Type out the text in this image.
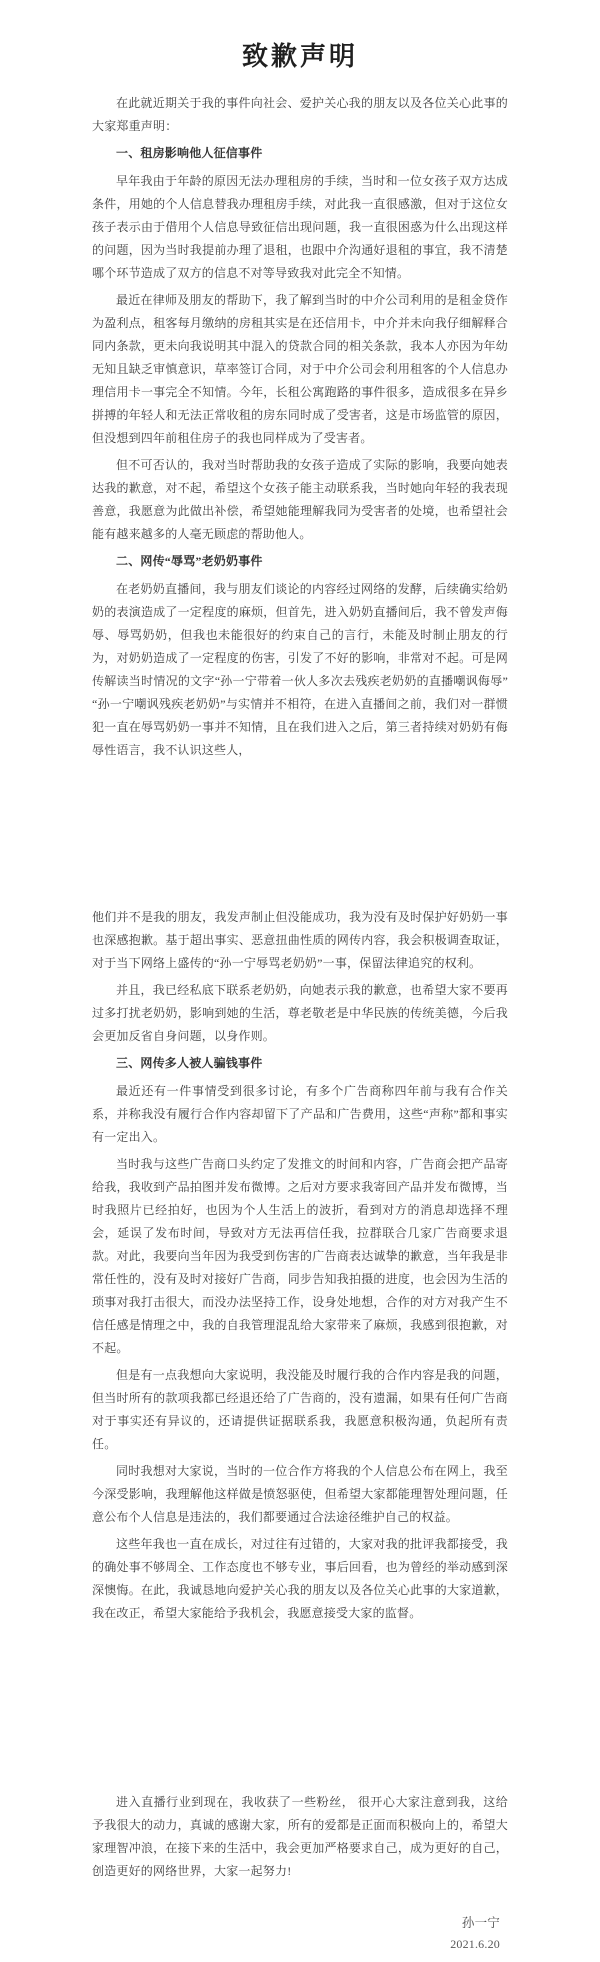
致歉声明

在此就近期关于我的事件向社会、爱护关心我的朋友以及各位关心此事的大家郑重声明：

一、租房影响他人征信事件

早年我由于年龄的原因无法办理租房的手续，当时和一位女孩子双方达成条件，用她的个人信息替我办理租房手续，对此我一直很感激，但对于这位女孩子表示由于借用个人信息导致征信出现问题，我一直很困惑为什么出现这样的问题，因为当时我提前办理了退租，也跟中介沟通好退租的事宜，我不清楚哪个环节造成了双方的信息不对等导致我对此完全不知情。

最近在律师及朋友的帮助下，我了解到当时的中介公司利用的是租金贷作为盈利点，租客每月缴纳的房租其实是在还信用卡，中介并未向我仔细解释合同内条款，更未向我说明其中混入的贷款合同的相关条款，我本人亦因为年幼无知且缺乏审慎意识，草率签订合同，对于中介公司会利用租客的个人信息办理信用卡一事完全不知情。今年，长租公寓跑路的事件很多，造成很多在异乡拼搏的年轻人和无法正常收租的房东同时成了受害者，这是市场监管的原因，但没想到四年前租住房子的我也同样成为了受害者。

但不可否认的，我对当时帮助我的女孩子造成了实际的影响，我要向她表达我的歉意，对不起，希望这个女孩子能主动联系我，当时她向年轻的我表现善意，我愿意为此做出补偿，希望她能理解我同为受害者的处境，也希望社会能有越来越多的人毫无顾虑的帮助他人。

二、网传“辱骂”老奶奶事件

在老奶奶直播间，我与朋友们谈论的内容经过网络的发酵，后续确实给奶奶的表演造成了一定程度的麻烦，但首先，进入奶奶直播间后，我不曾发声侮辱、辱骂奶奶，但我也未能很好的约束自己的言行，未能及时制止朋友的行为，对奶奶造成了一定程度的伤害，引发了不好的影响，非常对不起。可是网传解读当时情况的文字“孙一宁带着一伙人多次去残疾老奶奶的直播嘲讽侮辱”“孙一宁嘲讽残疾老奶奶”与实情并不相符，在进入直播间之前，我们对一群惯犯一直在辱骂奶奶一事并不知情，且在我们进入之后，第三者持续对奶奶有侮辱性语言，我不认识这些人，

他们并不是我的朋友，我发声制止但没能成功，我为没有及时保护好奶奶一事也深感抱歉。基于超出事实、恶意扭曲性质的网传内容，我会积极调查取证，对于当下网络上盛传的“孙一宁辱骂老奶奶”一事，保留法律追究的权利。

并且，我已经私底下联系老奶奶，向她表示我的歉意，也希望大家不要再过多打扰老奶奶，影响到她的生活，尊老敬老是中华民族的传统美德，今后我会更加反省自身问题，以身作则。

三、网传多人被人骗钱事件

最近还有一件事情受到很多讨论，有多个广告商称四年前与我有合作关系，并称我没有履行合作内容却留下了产品和广告费用，这些“声称”都和事实有一定出入。

当时我与这些广告商口头约定了发推文的时间和内容，广告商会把产品寄给我，我收到产品拍图并发布微博。之后对方要求我寄回产品并发布微博，当时我照片已经拍好，也因为个人生活上的波折，看到对方的消息却选择不理会，延误了发布时间，导致对方无法再信任我，拉群联合几家广告商要求退款。对此，我要向当年因为我受到伤害的广告商表达诚挚的歉意，当年我是非常任性的，没有及时对接好广告商，同步告知我拍摄的进度，也会因为生活的琐事对我打击很大，而没办法坚持工作，设身处地想，合作的对方对我产生不信任感是情理之中，我的自我管理混乱给大家带来了麻烦，我感到很抱歉，对不起。

但是有一点我想向大家说明，我没能及时履行我的合作内容是我的问题，但当时所有的款项我都已经退还给了广告商的，没有遗漏，如果有任何广告商对于事实还有异议的，还请提供证据联系我，我愿意积极沟通，负起所有责任。

同时我想对大家说，当时的一位合作方将我的个人信息公布在网上，我至今深受影响，我理解他这样做是愤怒驱使，但希望大家都能理智处理问题，任意公布个人信息是违法的，我们都要通过合法途径维护自己的权益。

这些年我也一直在成长，对过往有过错的，大家对我的批评我都接受，我的确处事不够周全、工作态度也不够专业，事后回看，也为曾经的举动感到深深懊悔。在此，我诚恳地向爱护关心我的朋友以及各位关心此事的大家道歉，我在改正，希望大家能给予我机会，我愿意接受大家的监督。

进入直播行业到现在，我收获了一些粉丝， 很开心大家注意到我，这给予我很大的动力，真诚的感谢大家，所有的爱都是正面而积极向上的，希望大家理智冲浪，在接下来的生活中，我会更加严格要求自己，成为更好的自己，创造更好的网络世界，大家一起努力!

孙一宁
2021.6.20
